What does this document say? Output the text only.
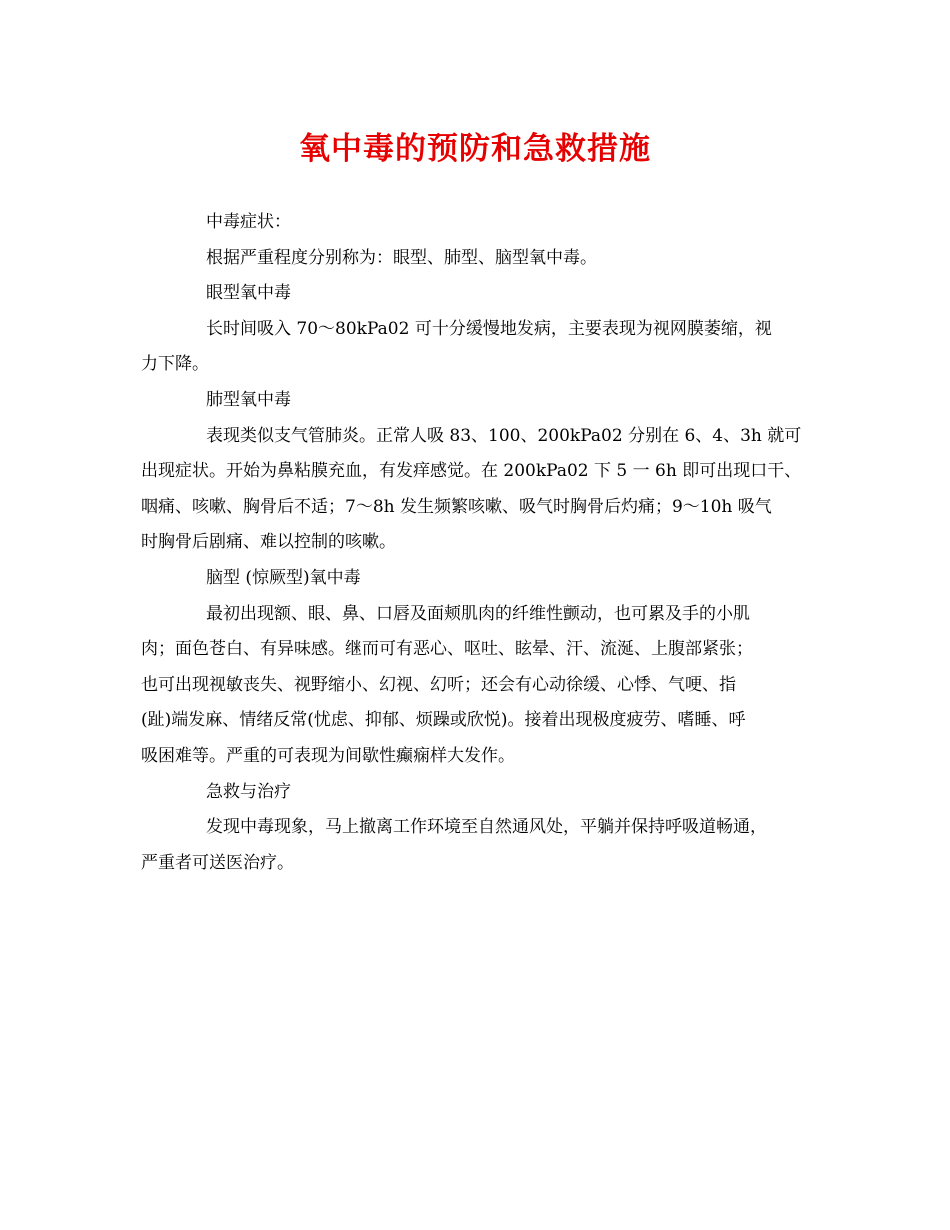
氧中毒的预防和急救措施
中毒症状：
根据严重程度分别称为：眼型、肺型、脑型氧中毒。
眼型氧中毒
长时间吸入 70～80kPa02 可十分缓慢地发病，主要表现为视网膜萎缩，视
力下降。
肺型氧中毒
表现类似支气管肺炎。正常人吸 83、100、200kPa02 分别在 6、4、3h 就可
出现症状。开始为鼻粘膜充血，有发痒感觉。在 200kPa02 下 5 一 6h 即可出现口干、
咽痛、咳嗽、胸骨后不适；7～8h 发生频繁咳嗽、吸气时胸骨后灼痛；9～10h 吸气
时胸骨后剧痛、难以控制的咳嗽。
脑型 (惊厥型)氧中毒
最初出现额、眼、鼻、口唇及面颊肌肉的纤维性颤动，也可累及手的小肌
肉；面色苍白、有异味感。继而可有恶心、呕吐、眩晕、汗、流涎、上腹部紧张；
也可出现视敏丧失、视野缩小、幻视、幻听；还会有心动徐缓、心悸、气哽、指
(趾)端发麻、情绪反常(忧虑、抑郁、烦躁或欣悦)。接着出现极度疲劳、嗜睡、呼
吸困难等。严重的可表现为间歇性癫痫样大发作。
急救与治疗
发现中毒现象，马上撤离工作环境至自然通风处，平躺并保持呼吸道畅通，
严重者可送医治疗。
